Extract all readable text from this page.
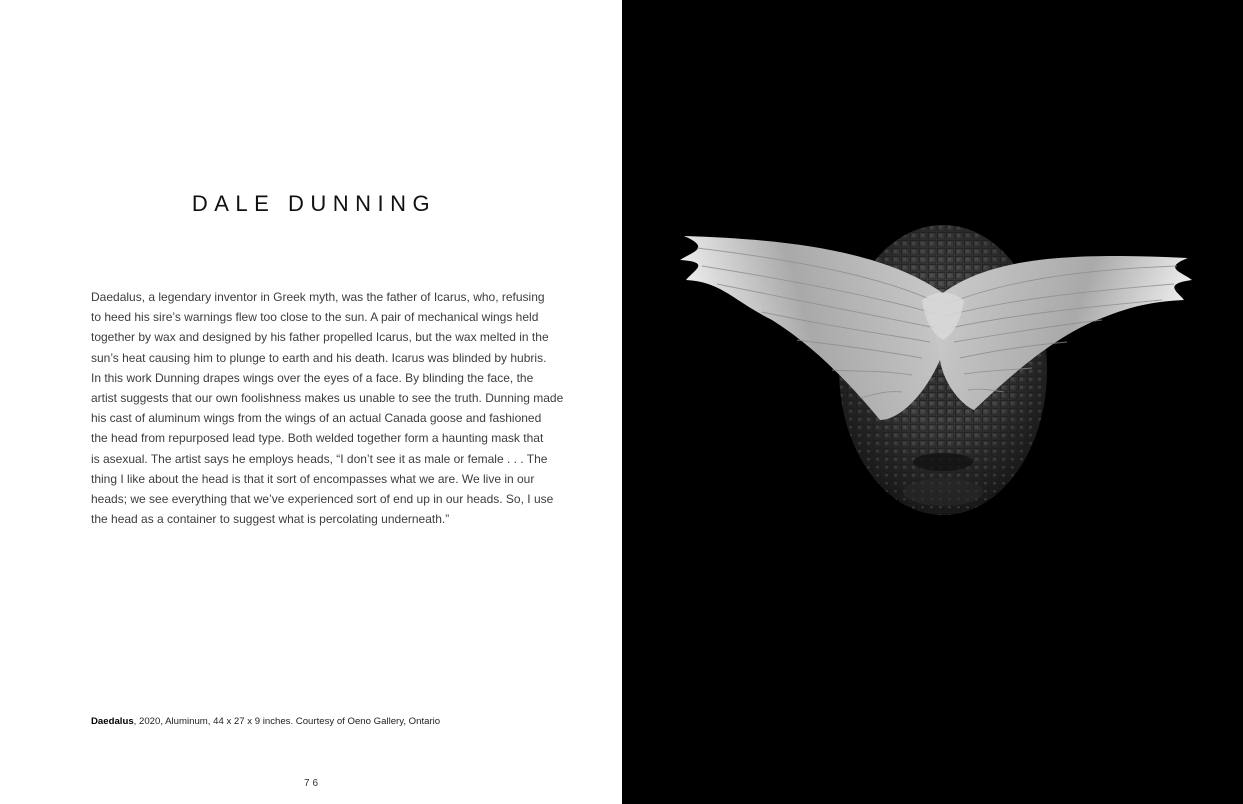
DALE DUNNING

Daedalus, a legendary inventor in Greek myth, was the father of Icarus, who, refusing
to heed his sire’s warnings flew too close to the sun. A pair of mechanical wings held
together by wax and designed by his father propelled Icarus, but the wax melted in the
sun’s heat causing him to plunge to earth and his death. Icarus was blinded by hubris.
In this work Dunning drapes wings over the eyes of a face. By blinding the face, the
artist suggests that our own foolishness makes us unable to see the truth. Dunning made
his cast of aluminum wings from the wings of an actual Canada goose and fashioned
the head from repurposed lead type. Both welded together form a haunting mask that
is asexual. The artist says he employs heads, “I don’t see it as male or female . . . The
thing I like about the head is that it sort of encompasses what we are. We live in our
heads; we see everything that we’ve experienced sort of end up in our heads. So, I use
the head as a container to suggest what is percolating underneath.”

Daedalus, 2020, Aluminum, 44 x 27 x 9 inches. Courtesy of Oeno Gallery, Ontario
76
